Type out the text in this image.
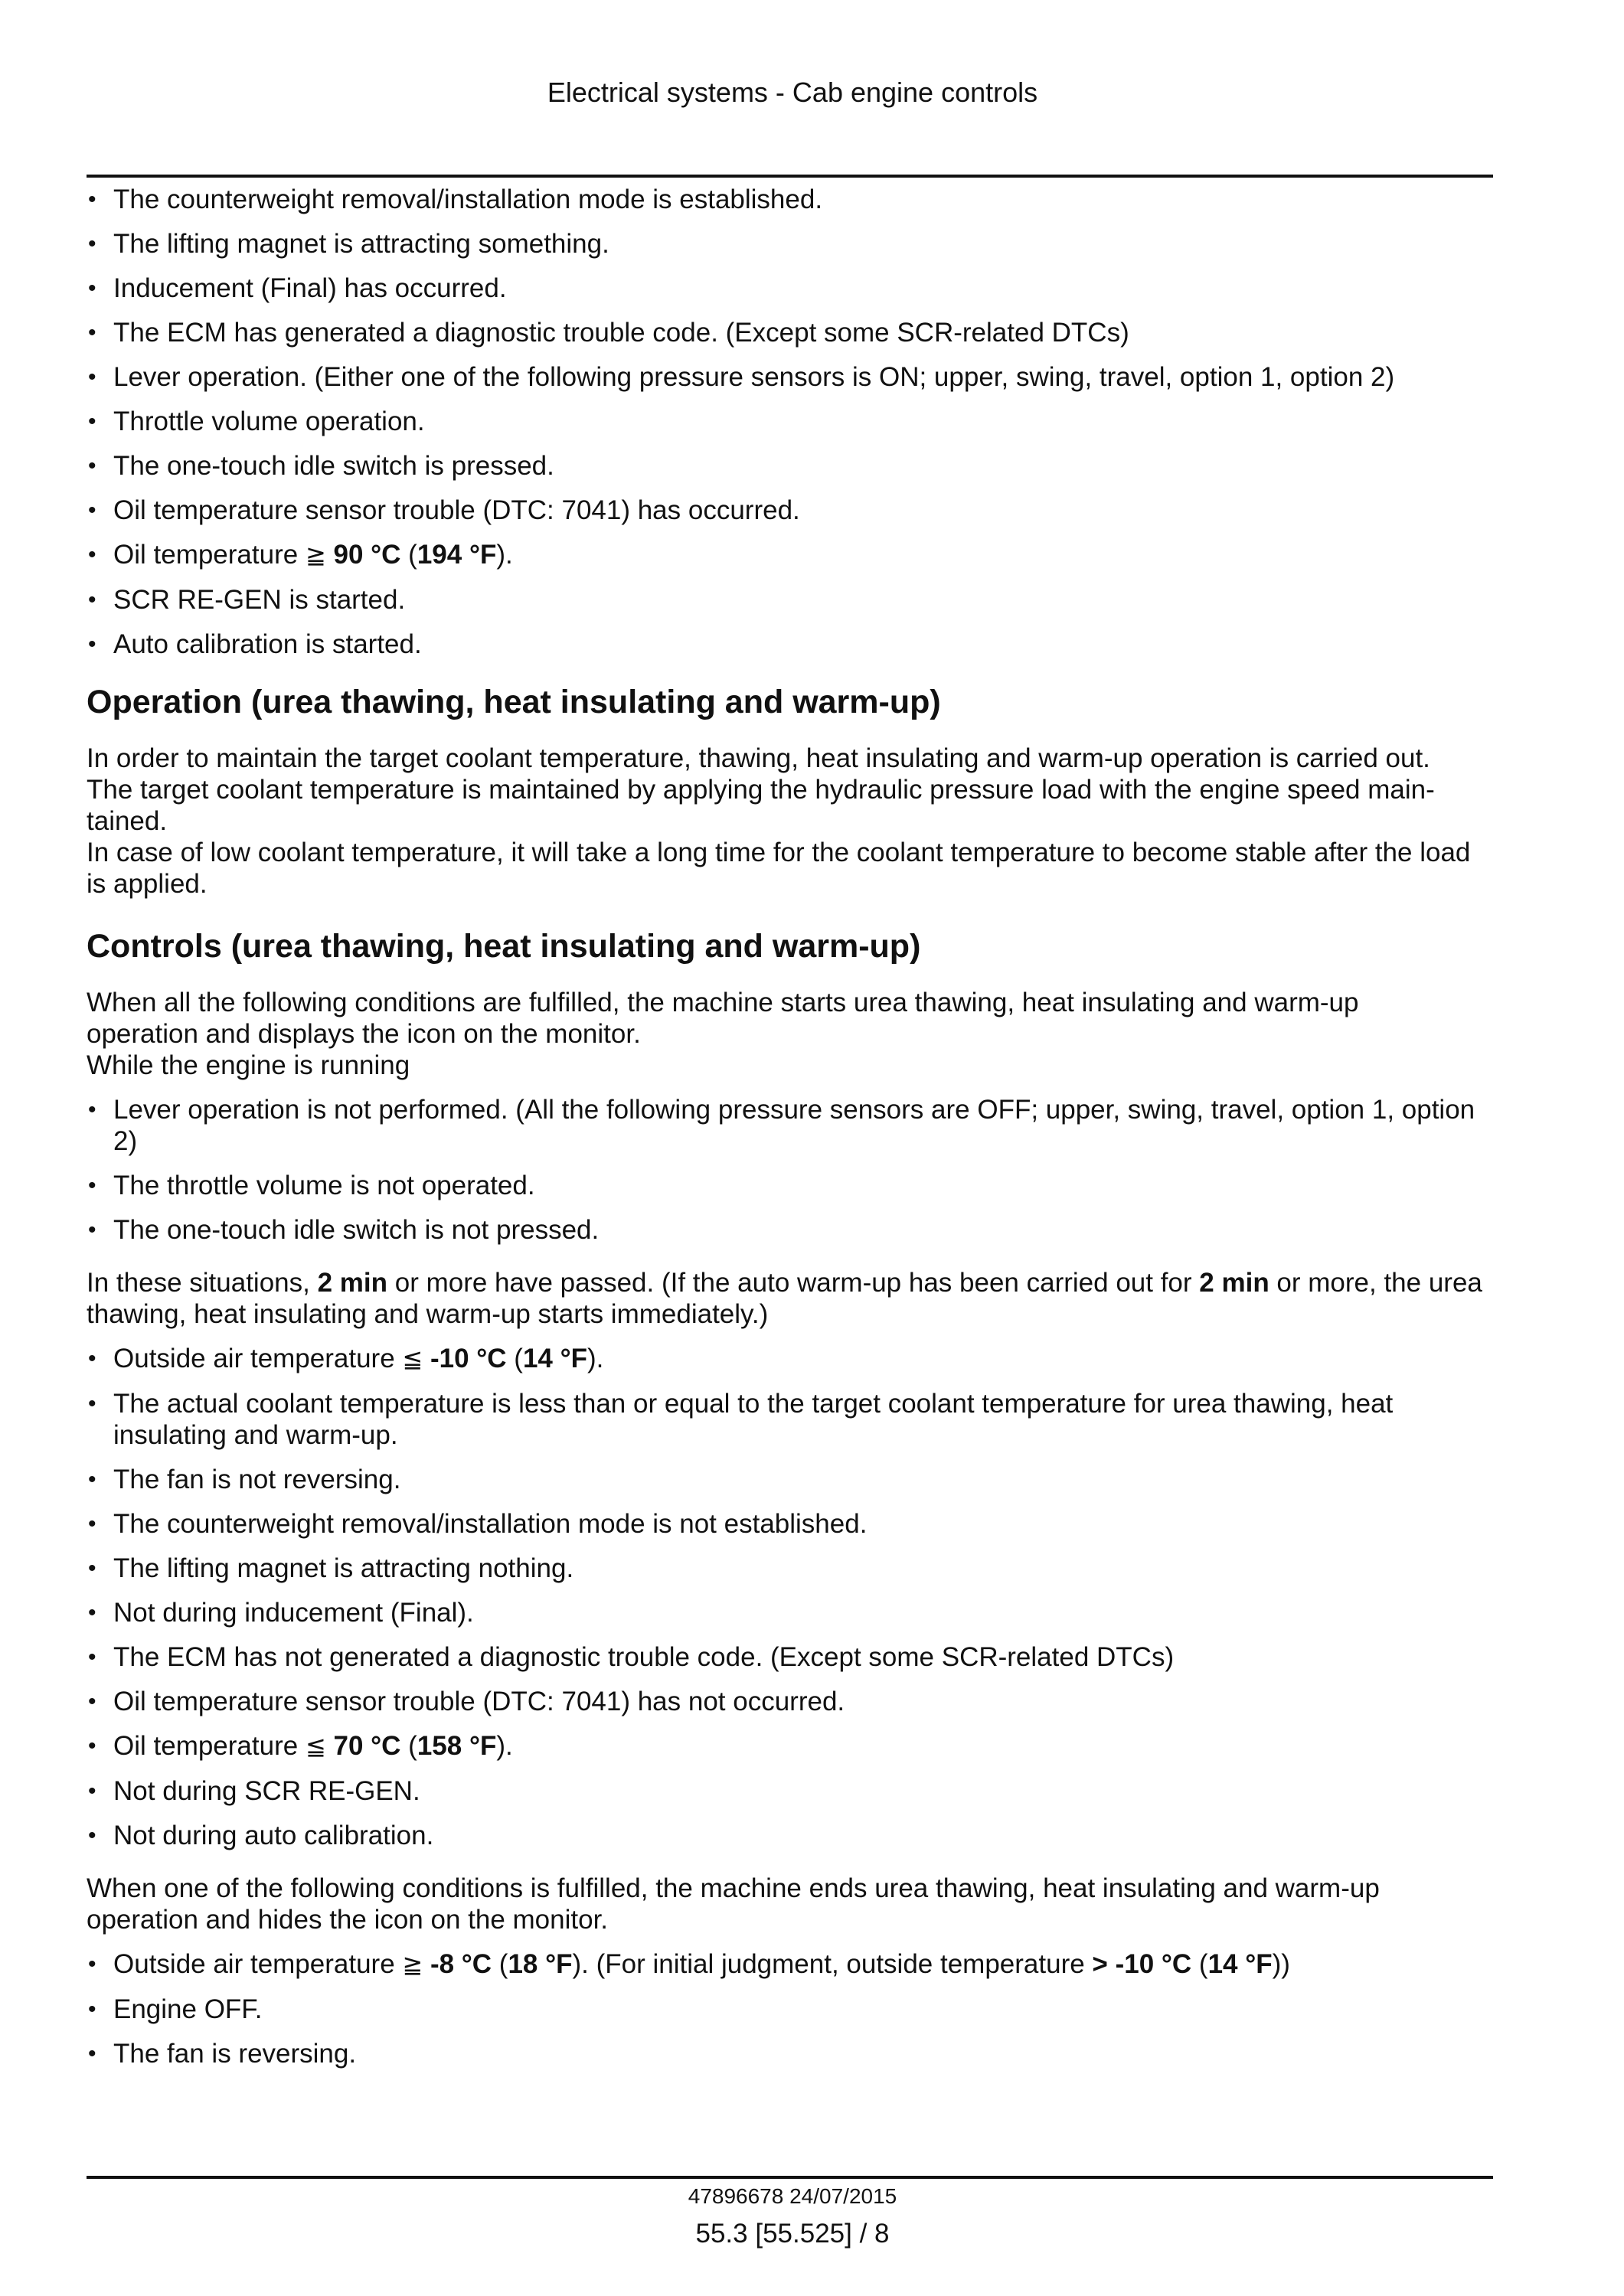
Electrical systems - Cab engine controls
• The counterweight removal/installation mode is established.
• The lifting magnet is attracting something.
• Inducement (Final) has occurred.
• The ECM has generated a diagnostic trouble code. (Except some SCR-related DTCs)
• Lever operation. (Either one of the following pressure sensors is ON; upper, swing, travel, option 1, option 2)
• Throttle volume operation.
• The one-touch idle switch is pressed.
• Oil temperature sensor trouble (DTC: 7041) has occurred.
• Oil temperature ≧ 90 °C (194 °F).
• SCR RE-GEN is started.
• Auto calibration is started.
Operation (urea thawing, heat insulating and warm-up)

In order to maintain the target coolant temperature, thawing, heat insulating and warm-up operation is carried out.
The target coolant temperature is maintained by applying the hydraulic pressure load with the engine speed main-
tained.
In case of low coolant temperature, it will take a long time for the coolant temperature to become stable after the load
is applied.

Controls (urea thawing, heat insulating and warm-up)

When all the following conditions are fulfilled, the machine starts urea thawing, heat insulating and warm-up
operation and displays the icon on the monitor.
While the engine is running

• Lever operation is not performed. (All the following pressure sensors are OFF; upper, swing, travel, option 1, option 2)
• The throttle volume is not operated.
• The one-touch idle switch is not pressed.

In these situations, 2 min or more have passed. (If the auto warm-up has been carried out for 2 min or more, the urea thawing, heat insulating and warm-up starts immediately.)

• Outside air temperature ≦ -10 °C (14 °F).
• The actual coolant temperature is less than or equal to the target coolant temperature for urea thawing, heat insulating and warm-up.
• The fan is not reversing.
• The counterweight removal/installation mode is not established.
• The lifting magnet is attracting nothing.
• Not during inducement (Final).
• The ECM has not generated a diagnostic trouble code. (Except some SCR-related DTCs)
• Oil temperature sensor trouble (DTC: 7041) has not occurred.
• Oil temperature ≦ 70 °C (158 °F).
• Not during SCR RE-GEN.
• Not during auto calibration.

When one of the following conditions is fulfilled, the machine ends urea thawing, heat insulating and warm-up
operation and hides the icon on the monitor.

• Outside air temperature ≧ -8 °C (18 °F). (For initial judgment, outside temperature > -10 °C (14 °F))
• Engine OFF.
• The fan is reversing.
47896678 24/07/2015
55.3 [55.525] / 8
